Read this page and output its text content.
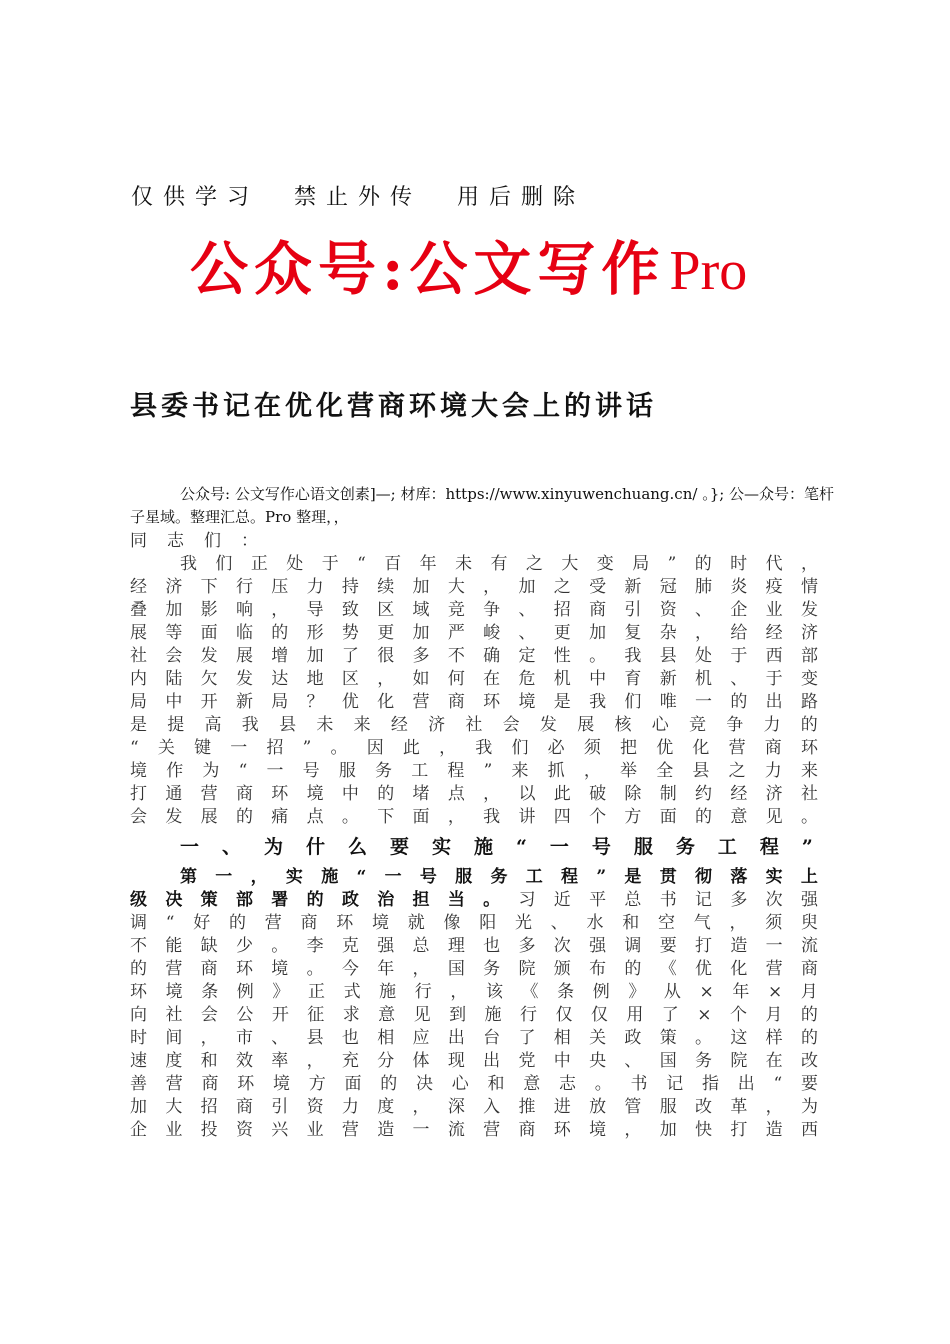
仅供学习 禁止外传 用后删除
公众号:公文写作Pro
县委书记在优化营商环境大会上的讲话
公众号: 公文写作心语文创素]—; 材库：https://www.xinyuwenchuang.cn/ 。}; 公—众号：笔杆子星域。整理汇总。Pro 整理，，
同 志 们 ：
我 们 正 处 于 “ 百 年 未 有 之 大 变 局 ” 的 时 代 ，
经 济 下 行 压 力 持 续 加 大 ， 加 之 受 新 冠 肺 炎 疫 情
叠 加 影 响 ， 导 致 区 域 竞 争 、 招 商 引 资 、 企 业 发
展 等 面 临 的 形 势 更 加 严 峻 、 更 加 复 杂 ， 给 经 济
社 会 发 展 增 加 了 很 多 不 确 定 性 。 我 县 处 于 西 部
内 陆 欠 发 达 地 区 ， 如 何 在 危 机 中 育 新 机 、 于 变
局 中 开 新 局 ？ 优 化 营 商 环 境 是 我 们 唯 一 的 出 路
是 提 高 我 县 未 来 经 济 社 会 发 展 核 心 竞 争 力 的
“ 关 键 一 招 ” 。 因 此 ， 我 们 必 须 把 优 化 营 商 环
境 作 为 “ 一 号 服 务 工 程 ” 来 抓 ， 举 全 县 之 力 来
打 通 营 商 环 境 中 的 堵 点 ， 以 此 破 除 制 约 经 济 社
会 发 展 的 痛 点 。 下 面 ， 我 讲 四 个 方 面 的 意 见 。
一、为什么要实施“一号服务工程”
第 一 ， 实 施 “ 一 号 服 务 工 程 ” 是 贯 彻 落 实 上
级 决 策 部 署 的 政 治 担 当 。 习 近 平 总 书 记 多 次 强
调 “ 好 的 营 商 环 境 就 像 阳 光 、 水 和 空 气 ， 须 臾
不 能 缺 少 。 李 克 强 总 理 也 多 次 强 调 要 打 造 一 流
的 营 商 环 境 。 今 年 ， 国 务 院 颁 布 的 《 优 化 营 商
环 境 条 例 》 正 式 施 行 ， 该 《 条 例 》 从 × 年 × 月
向 社 会 公 开 征 求 意 见 到 施 行 仅 仅 用 了 × 个 月 的
时 间 ， 市 、 县 也 相 应 出 台 了 相 关 政 策 。 这 样 的
速 度 和 效 率 ， 充 分 体 现 出 党 中 央 、 国 务 院 在 改
善 营 商 环 境 方 面 的 决 心 和 意 志 。 书 记 指 出 “ 要
加 大 招 商 引 资 力 度 ， 深 入 推 进 放 管 服 改 革 ， 为
企 业 投 资 兴 业 营 造 一 流 营 商 环 境 ， 加 快 打 造 西
